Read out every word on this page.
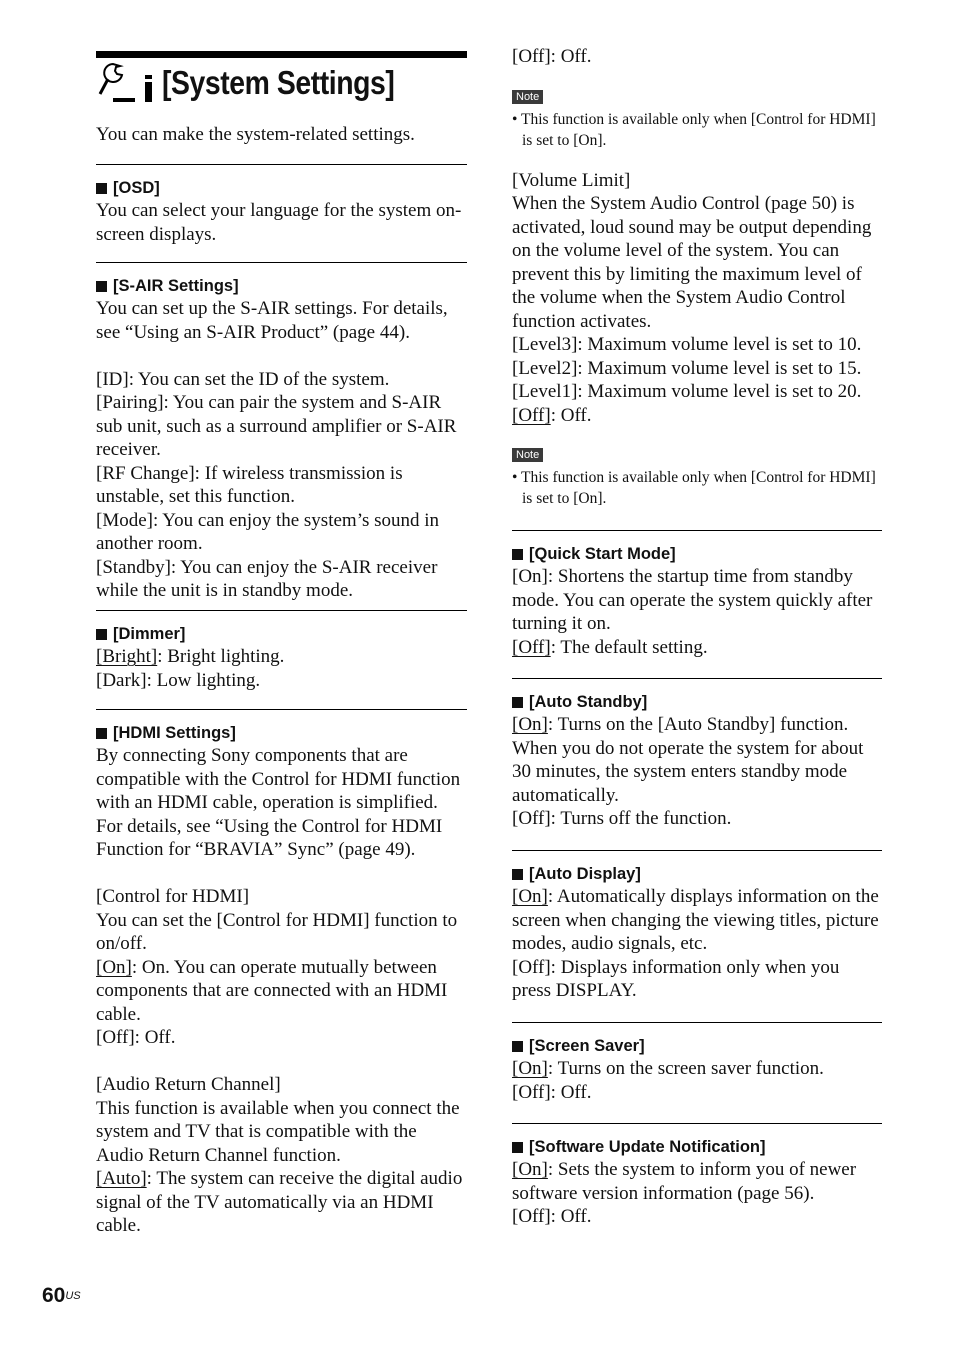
[System Settings]
You can make the system-related settings.
[OSD]
You can select your language for the system on-screen displays.
[S-AIR Settings]
You can set up the S-AIR settings. For details, see “Using an S-AIR Product” (page 44).
[ID]: You can set the ID of the system.
[Pairing]: You can pair the system and S-AIR sub unit, such as a surround amplifier or S-AIR receiver.
[RF Change]: If wireless transmission is unstable, set this function.
[Mode]: You can enjoy the system’s sound in another room.
[Standby]: You can enjoy the S-AIR receiver while the unit is in standby mode.
[Dimmer]
[Bright]: Bright lighting.
[Dark]: Low lighting.
[HDMI Settings]
By connecting Sony components that are compatible with the Control for HDMI function with an HDMI cable, operation is simplified. For details, see “Using the Control for HDMI Function for “BRAVIA” Sync” (page 49).
[Control for HDMI]
You can set the [Control for HDMI] function to on/off.
[On]: On. You can operate mutually between components that are connected with an HDMI cable.
[Off]: Off.
[Audio Return Channel]
This function is available when you connect the system and TV that is compatible with the Audio Return Channel function.
[Auto]: The system can receive the digital audio signal of the TV automatically via an HDMI cable.
[Off]: Off.
Note
• This function is available only when [Control for HDMI] is set to [On].
[Volume Limit]
When the System Audio Control (page 50) is activated, loud sound may be output depending on the volume level of the system. You can prevent this by limiting the maximum level of the volume when the System Audio Control function activates.
[Level3]: Maximum volume level is set to 10.
[Level2]: Maximum volume level is set to 15.
[Level1]: Maximum volume level is set to 20.
[Off]: Off.
Note
• This function is available only when [Control for HDMI] is set to [On].
[Quick Start Mode]
[On]: Shortens the startup time from standby mode. You can operate the system quickly after turning it on.
[Off]: The default setting.
[Auto Standby]
[On]: Turns on the [Auto Standby] function. When you do not operate the system for about 30 minutes, the system enters standby mode automatically.
[Off]: Turns off the function.
[Auto Display]
[On]: Automatically displays information on the screen when changing the viewing titles, picture modes, audio signals, etc.
[Off]: Displays information only when you press DISPLAY.
[Screen Saver]
[On]: Turns on the screen saver function.
[Off]: Off.
[Software Update Notification]
[On]: Sets the system to inform you of newer software version information (page 56).
[Off]: Off.
$60^{US}$
